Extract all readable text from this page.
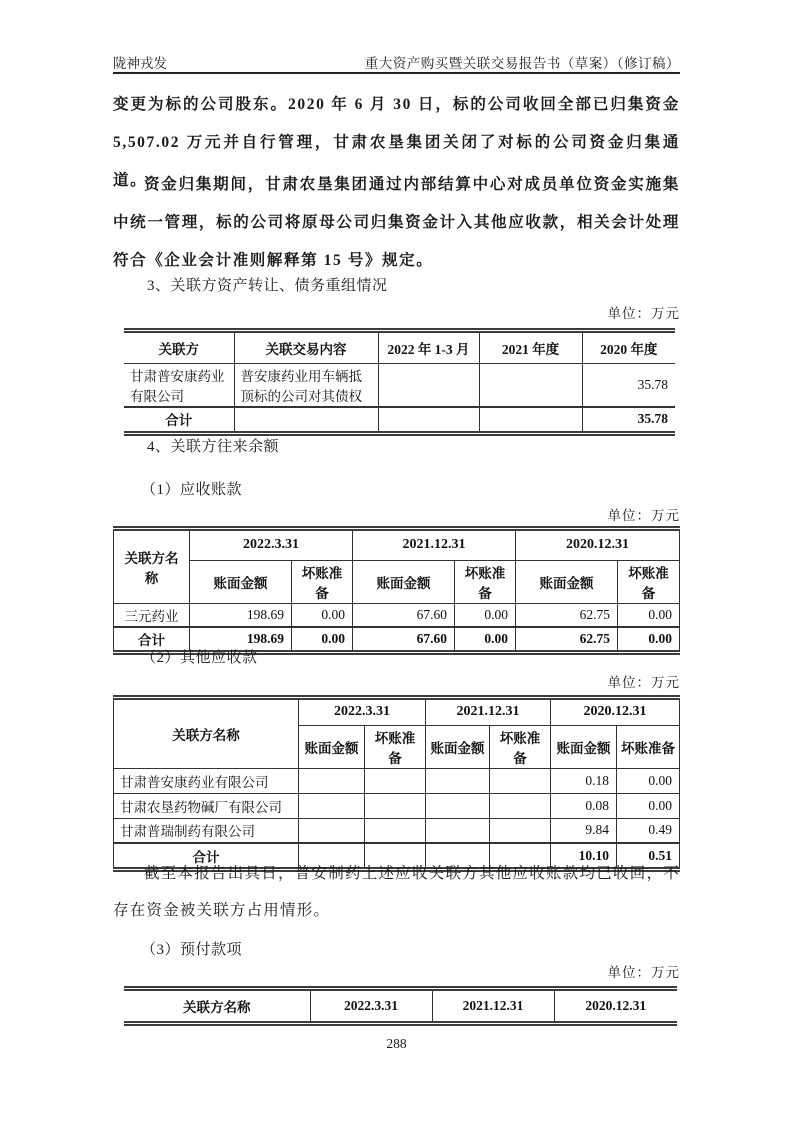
陇神戎发	重大资产购买暨关联交易报告书（草案）（修订稿）

变更为标的公司股东。2020 年 6 月 30 日，标的公司收回全部已归集资金 5,507.02 万元并自行管理，甘肃农垦集团关闭了对标的公司资金归集通道。

资金归集期间，甘肃农垦集团通过内部结算中心对成员单位资金实施集中统一管理，标的公司将原母公司归集资金计入其他应收款，相关会计处理符合《企业会计准则解释第 15 号》规定。

3、关联方资产转让、债务重组情况
单位：万元
关联方	关联交易内容	2022 年 1-3 月	2021 年度	2020 年度
甘肃普安康药业有限公司	普安康药业用车辆抵顶标的公司对其债权			35.78
合计				35.78
4、关联方往来余额
（1）应收账款
单位：万元
关联方名称	2022.3.31		2021.12.31		2020.12.31	
	账面金额	坏账准备	账面金额	坏账准备	账面金额	坏账准备
三元药业	198.69	0.00	67.60	0.00	62.75	0.00
合计	198.69	0.00	67.60	0.00	62.75	0.00
（2）其他应收款
单位：万元
关联方名称	2022.3.31		2021.12.31		2020.12.31	
	账面金额	坏账准备	账面金额	坏账准备	账面金额	坏账准备
甘肃普安康药业有限公司					0.18	0.00
甘肃农垦药物碱厂有限公司					0.08	0.00
甘肃普瑞制药有限公司					9.84	0.49
合计					10.10	0.51

截至本报告出具日，普安制药上述应收关联方其他应收账款均已收回，不存在资金被关联方占用情形。

（3）预付款项
单位：万元
关联方名称	2022.3.31	2021.12.31	2020.12.31
288
